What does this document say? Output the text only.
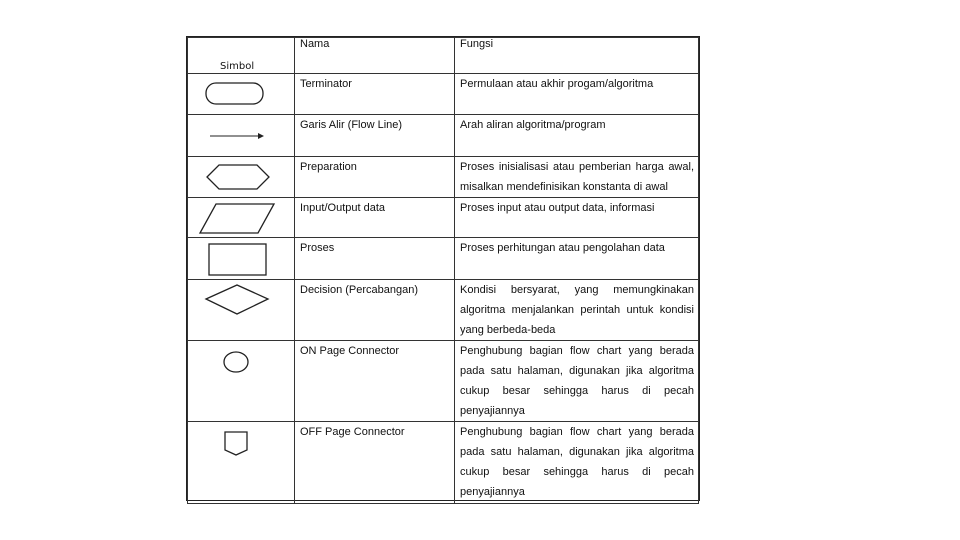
Simbol	Nama	Fungsi

	Terminator	Permulaan atau akhir progam/algoritma

	Garis Alir (Flow Line)	Arah aliran algoritma/program

	Preparation	Proses inisialisasi atau pemberian harga awal, misalkan mendefinisikan konstanta di awal

	Input/Output data	Proses input atau output data, informasi

	Proses	Proses perhitungan atau pengolahan data

	Decision (Percabangan)	Kondisi bersyarat, yang memungkinakan algoritma menjalankan perintah untuk kondisi yang berbeda-beda

	ON Page Connector	Penghubung bagian flow chart yang berada pada satu halaman, digunakan jika algoritma cukup besar sehingga harus di pecah penyajiannya

	OFF Page Connector	Penghubung bagian flow chart yang berada pada satu halaman, digunakan jika algoritma cukup besar sehingga harus di pecah penyajiannya
